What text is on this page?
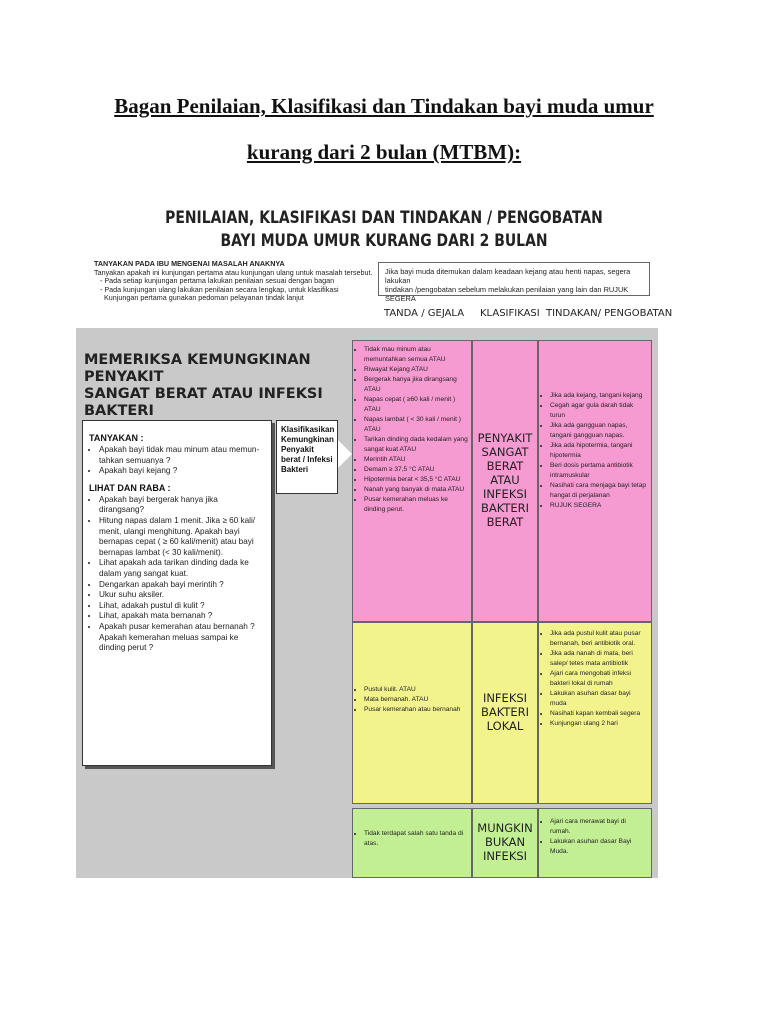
Bagan Penilaian, Klasifikasi dan Tindakan bayi muda umur
kurang dari 2 bulan (MTBM):
PENILAIAN, KLASIFIKASI DAN TINDAKAN / PENGOBATAN
BAYI MUDA UMUR KURANG DARI 2 BULAN
TANYAKAN PADA IBU MENGENAI MASALAH ANAKNYA
Tanyakan apakah ini kunjungan pertama atau kunjungan ulang untuk masalah tersebut.
- Pada setiap kunjungan pertama lakukan penilaian sesuai dengan bagan
- Pada kunjungan ulang lakukan penilaian secara lengkap, untuk klasifikasi
Kunjungan pertama gunakan pedoman pelayanan tindak lanjut
Jika bayi muda ditemukan dalam keadaan kejang atau henti napas, segera lakukan
tindakan /pengobatan sebelum melakukan penilaian yang lain dan RUJUK SEGERA
TANDA / GEJALA KLASIFIKASI TINDAKAN/ PENGOBATAN
MEMERIKSA KEMUNGKINAN PENYAKIT
SANGAT BERAT ATAU INFEKSI BAKTERI
TANYAKAN :
• Apakah bayi tidak mau minum atau memun-tahkan semuanya ?
• Apakah bayi kejang ?
LIHAT DAN RABA :
• Apakah bayi bergerak hanya jika dirangsang?
• Hitung napas dalam 1 menit. Jika ≥ 60 kali/ menit, ulangi menghitung. Apakah bayi bernapas cepat ( ≥ 60 kali/menit) atau bayi bernapas lambat (< 30 kali/menit).
• Lihat apakah ada tarikan dinding dada ke dalam yang sangat kuat.
• Dengarkan apakah bayi merintih ?
• Ukur suhu aksiler.
• Lihat, adakah pustul di kulit ?
• Lihat, apakah mata bernanah ?
• Apakah pusar kemerahan atau bernanah ? Apakah kemerahan meluas sampai ke dinding perut ?
Klasifikasikan Kemungkinan Penyakit berat / Infeksi Bakteri
• Tidak mau minum atau memuntahkan semua ATAU
• Riwayat Kejang ATAU
• Bergerak hanya jika dirangsang ATAU
• Napas cepat ( ≥60 kali / menit ) ATAU
• Napas lambat ( < 30 kali / menit ) ATAU
• Tarikan dinding dada kedalam yang sangat kuat ATAU
• Merintih ATAU
• Demam ≥ 37,5 °C ATAU
• Hipotermia berat < 35,5 °C ATAU
• Nanah yang banyak di mata ATAU
• Pusar kemerahan meluas ke dinding perut.
PENYAKIT
SANGAT
BERAT ATAU
INFEKSI
BAKTERI
BERAT
• Jika ada kejang, tangani kejang
• Cegah agar gula darah tidak turun
• Jika ada gangguan napas, tangani gangguan napas.
• Jika ada hipotermia, tangani hipotermia
• Beri dosis pertama antibiotik intramuskular
• Nasihati cara menjaga bayi tetap hangat di perjalanan
• RUJUK SEGERA
• Pustul kulit. ATAU
• Mata bernanah. ATAU
• Pusar kemerahan atau bernanah
INFEKSI
BAKTERI
LOKAL
• Jika ada pustul kulit atau pusar bernanah, beri antibiotik oral.
• Jika ada nanah di mata, beri salep/ tetes mata antibiotik
• Ajari cara mengobati infeksi bakteri lokal di rumah
• Lakukan asuhan dasar bayi muda
• Nasihati kapan kembali segera
• Kunjungan ulang 2 hari
• Tidak terdapat salah satu tanda di atas.
MUNGKIN
BUKAN
INFEKSI
• Ajari cara merawat bayi di rumah.
• Lakukan asuhan dasar Bayi Muda.
